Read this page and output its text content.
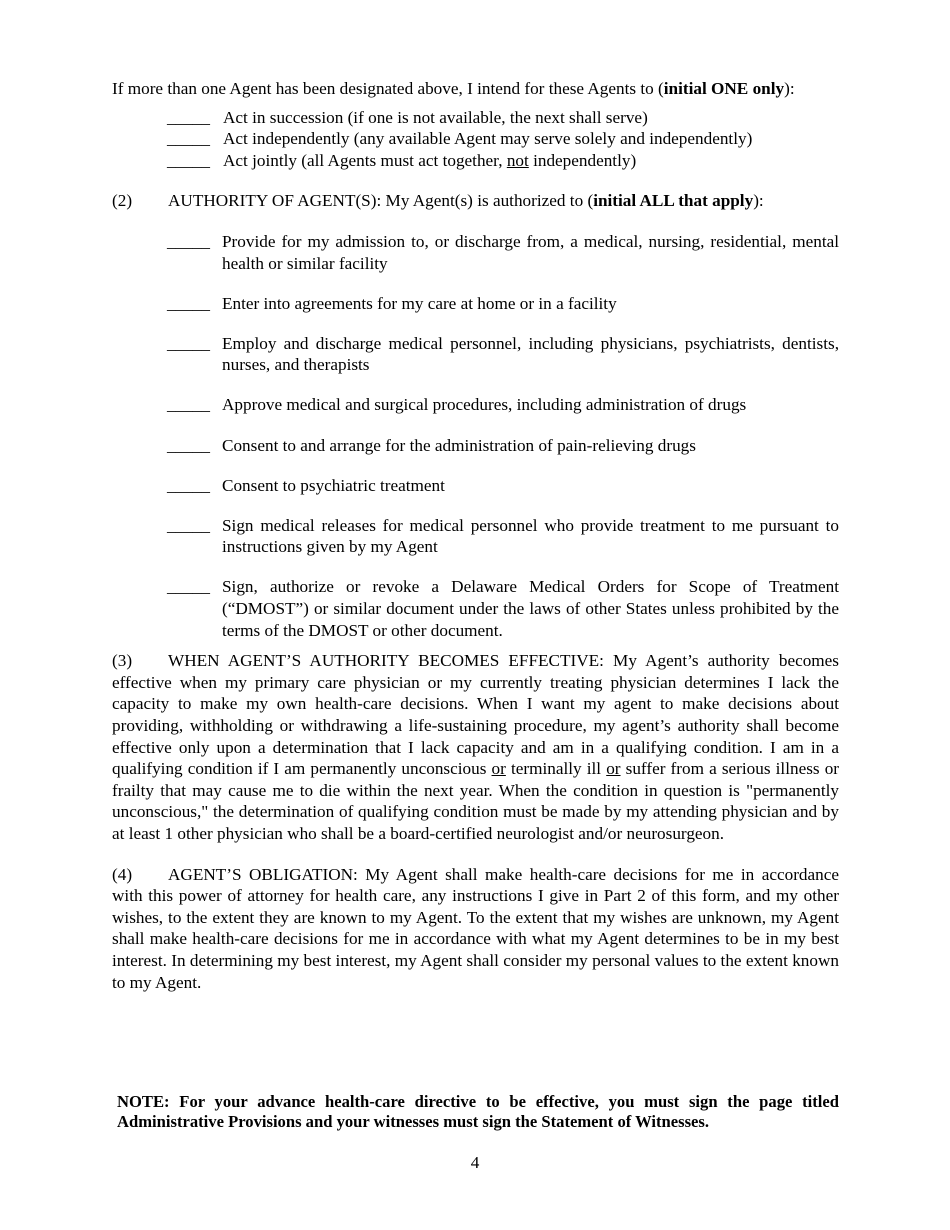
If more than one Agent has been designated above, I intend for these Agents to (initial ONE only):

_____ Act in succession (if one is not available, the next shall serve)
_____ Act independently (any available Agent may serve solely and independently)
_____ Act jointly (all Agents must act together, not independently)
(2)	AUTHORITY OF AGENT(S): My Agent(s) is authorized to (initial ALL that apply):
_____ Provide for my admission to, or discharge from, a medical, nursing, residential, mental health or similar facility
_____ Enter into agreements for my care at home or in a facility
_____ Employ and discharge medical personnel, including physicians, psychiatrists, dentists, nurses, and therapists
_____ Approve medical and surgical procedures, including administration of drugs
_____ Consent to and arrange for the administration of pain-relieving drugs
_____ Consent to psychiatric treatment
_____ Sign medical releases for medical personnel who provide treatment to me pursuant to instructions given by my Agent
_____ Sign, authorize or revoke a Delaware Medical Orders for Scope of Treatment (“DMOST”) or similar document under the laws of other States unless prohibited by the terms of the DMOST or other document.

(3) WHEN AGENT’S AUTHORITY BECOMES EFFECTIVE: My Agent’s authority becomes effective when my primary care physician or my currently treating physician determines I lack the capacity to make my own health-care decisions. When I want my agent to make decisions about providing, withholding or withdrawing a life-sustaining procedure, my agent’s authority shall become effective only upon a determination that I lack capacity and am in a qualifying condition. I am in a qualifying condition if I am permanently unconscious or terminally ill or suffer from a serious illness or frailty that may cause me to die within the next year. When the condition in question is "permanently unconscious," the determination of qualifying condition must be made by my attending physician and by at least 1 other physician who shall be a board-certified neurologist and/or neurosurgeon.

(4) AGENT’S OBLIGATION: My Agent shall make health-care decisions for me in accordance with this power of attorney for health care, any instructions I give in Part 2 of this form, and my other wishes, to the extent they are known to my Agent. To the extent that my wishes are unknown, my Agent shall make health-care decisions for me in accordance with what my Agent determines to be in my best interest. In determining my best interest, my Agent shall consider my personal values to the extent known to my Agent.

NOTE: For your advance health-care directive to be effective, you must sign the page titled Administrative Provisions and your witnesses must sign the Statement of Witnesses.

4
